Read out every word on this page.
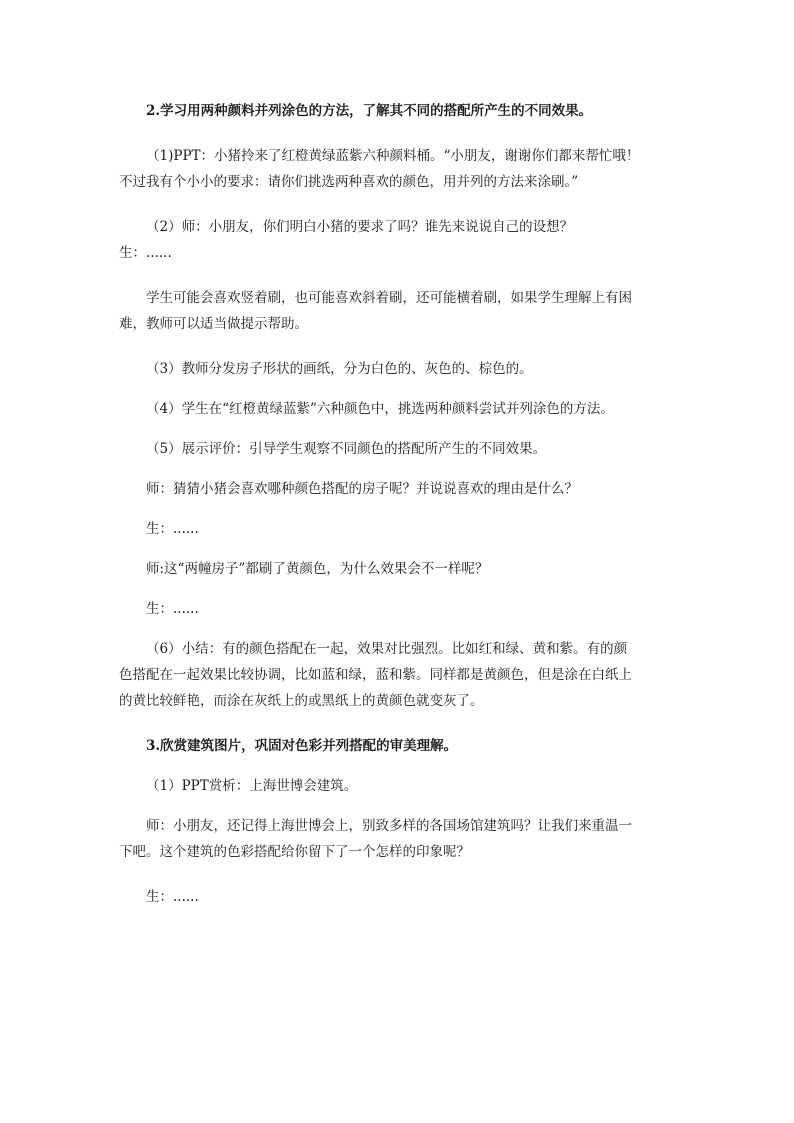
2.学习用两种颜料并列涂色的方法，了解其不同的搭配所产生的不同效果。

（1)PPT：小猪拎来了红橙黄绿蓝紫六种颜料桶。“小朋友，谢谢你们都来帮忙哦！
不过我有个小小的要求：请你们挑选两种喜欢的颜色，用并列的方法来涂刷。”

（2）师：小朋友，你们明白小猪的要求了吗？谁先来说说自己的设想？
生：......

学生可能会喜欢竖着刷，也可能喜欢斜着刷，还可能横着刷，如果学生理解上有困
难，教师可以适当做提示帮助。

（3）教师分发房子形状的画纸，分为白色的、灰色的、棕色的。

（4）学生在“红橙黄绿蓝紫”六种颜色中，挑选两种颜料尝试并列涂色的方法。

（5）展示评价：引导学生观察不同颜色的搭配所产生的不同效果。

师：猜猜小猪会喜欢哪种颜色搭配的房子呢？并说说喜欢的理由是什么？

生：......

师:这“两幢房子”都刷了黄颜色，为什么效果会不一样呢？

生：......

（6）小结：有的颜色搭配在一起，效果对比强烈。比如红和绿、黄和紫。有的颜
色搭配在一起效果比较协调，比如蓝和绿，蓝和紫。同样都是黄颜色，但是涂在白纸上
的黄比较鲜艳，而涂在灰纸上的或黑纸上的黄颜色就变灰了。

3.欣赏建筑图片，巩固对色彩并列搭配的审美理解。

（1）PPT赏析：上海世博会建筑。

师：小朋友，还记得上海世博会上，别致多样的各国场馆建筑吗？让我们来重温一
下吧。这个建筑的色彩搭配给你留下了一个怎样的印象呢？

生：......
